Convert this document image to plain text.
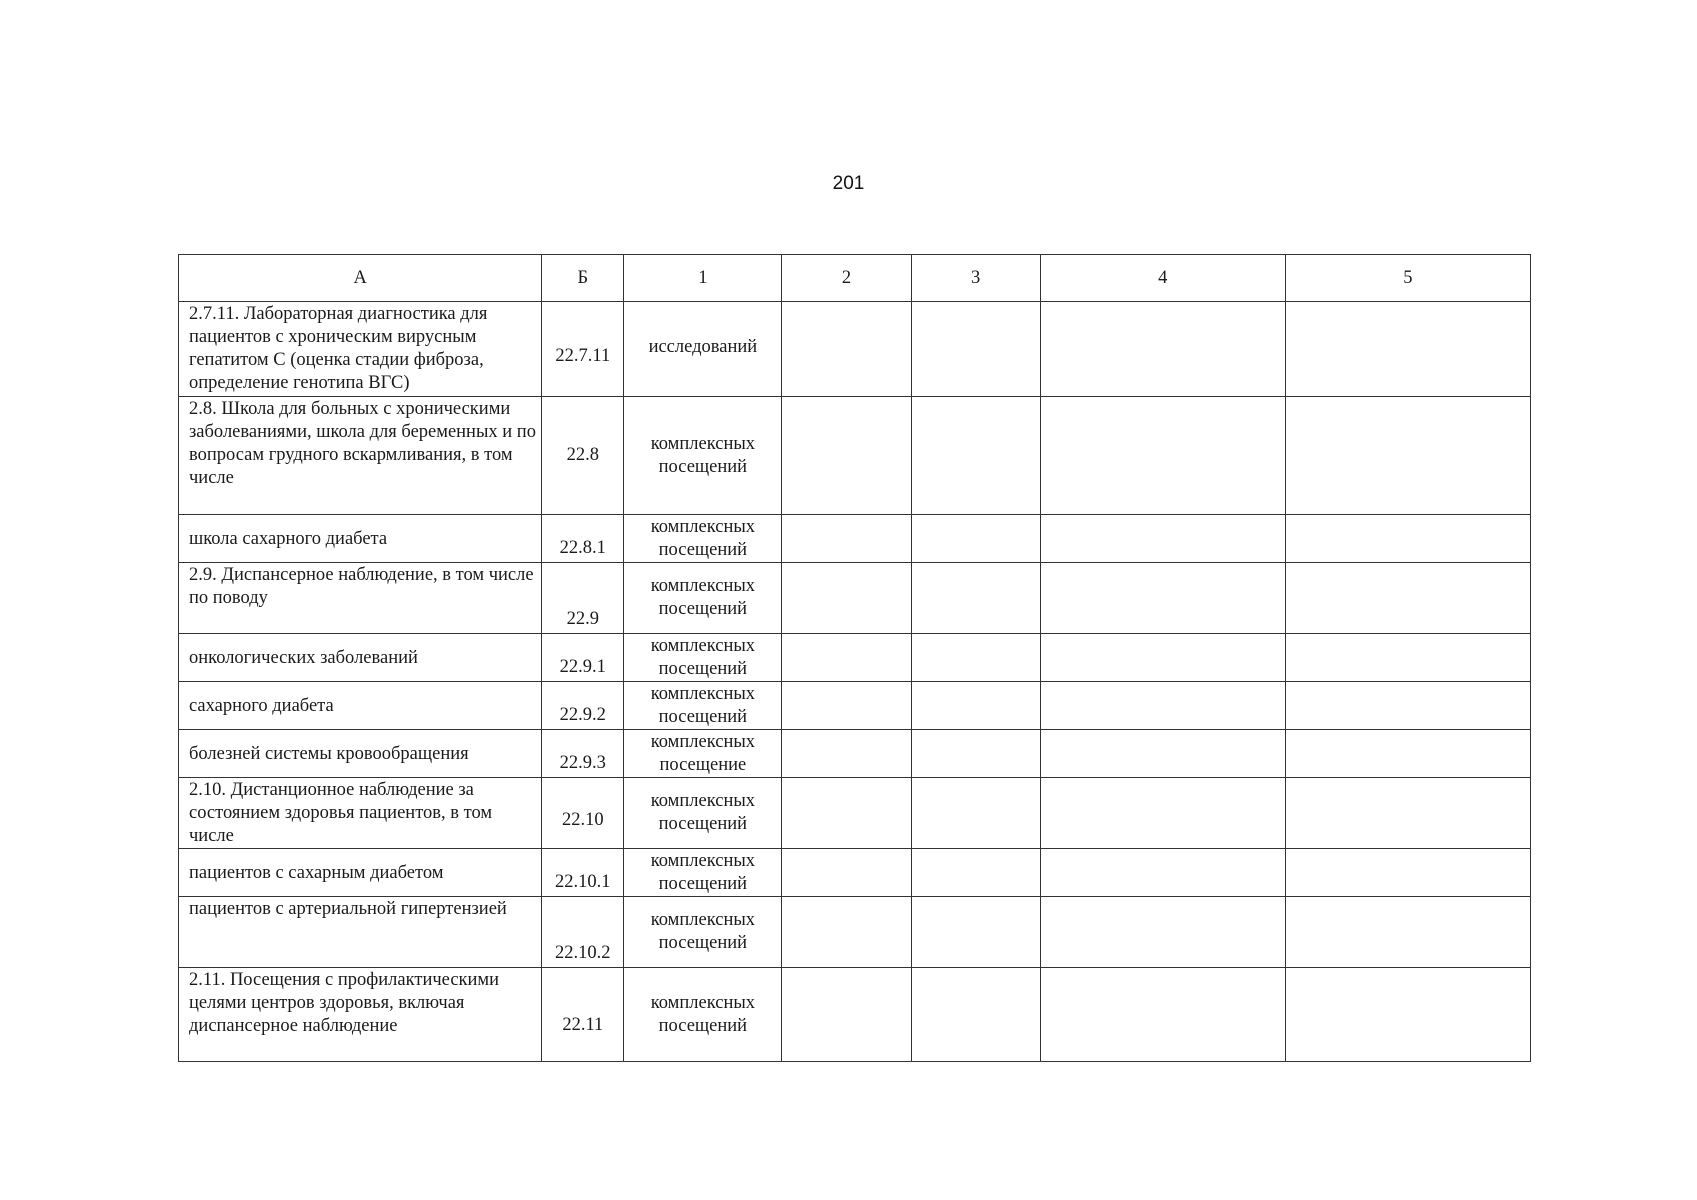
201
А	Б	1	2	3	4	5
2.7.11. Лабораторная диагностика для пациентов с хроническим вирусным гепатитом С (оценка стадии фиброза, определение генотипа ВГС)	22.7.11	исследований				
2.8. Школа для больных с хроническими заболеваниями, школа для беременных и по вопросам грудного вскармливания, в том числе	22.8	комплексных посещений				
школа сахарного диабета	22.8.1	комплексных посещений				
2.9. Диспансерное наблюдение, в том числе по поводу	22.9	комплексных посещений				
онкологических заболеваний	22.9.1	комплексных посещений				
сахарного диабета	22.9.2	комплексных посещений				
болезней системы кровообращения	22.9.3	комплексных посещение				
2.10. Дистанционное наблюдение за состоянием здоровья пациентов, в том числе	22.10	комплексных посещений				
пациентов с сахарным диабетом	22.10.1	комплексных посещений				
пациентов с артериальной гипертензией	22.10.2	комплексных посещений				
2.11. Посещения с профилактическими целями центров здоровья, включая диспансерное наблюдение	22.11	комплексных посещений				
